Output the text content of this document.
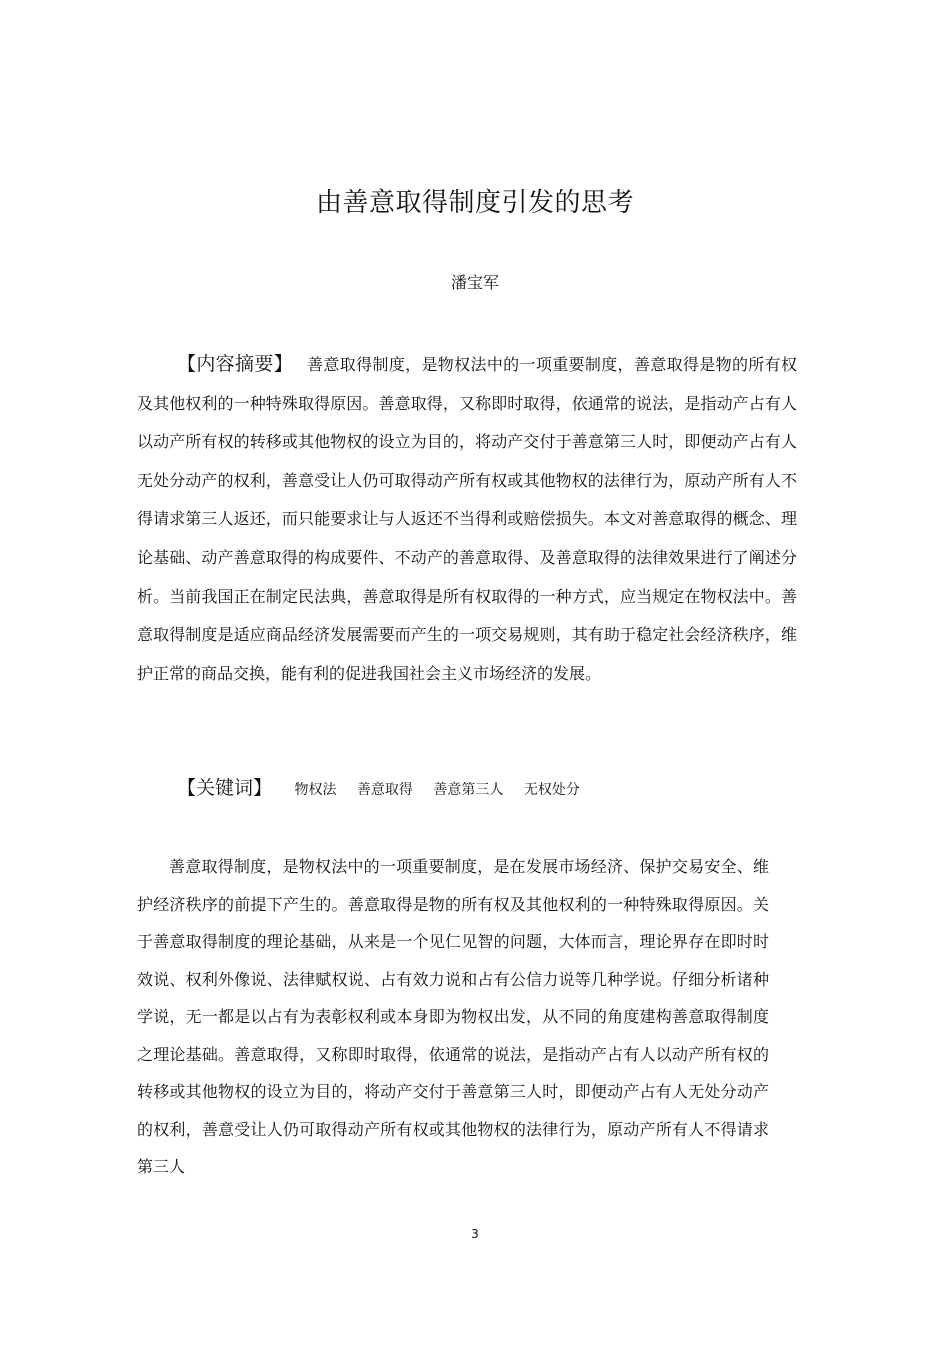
由善意取得制度引发的思考
潘宝军

【内容摘要】 善意取得制度，是物权法中的一项重要制度，善意取得是物的所有权及其他权利的一种特殊取得原因。善意取得，又称即时取得，依通常的说法，是指动产占有人以动产所有权的转移或其他物权的设立为目的，将动产交付于善意第三人时，即便动产占有人无处分动产的权利，善意受让人仍可取得动产所有权或其他物权的法律行为，原动产所有人不得请求第三人返还，而只能要求让与人返还不当得利或赔偿损失。本文对善意取得的概念、理论基础、动产善意取得的构成要件、不动产的善意取得、及善意取得的法律效果进行了阐述分析。当前我国正在制定民法典，善意取得是所有权取得的一种方式，应当规定在物权法中。善意取得制度是适应商品经济发展需要而产生的一项交易规则，其有助于稳定社会经济秩序，维护正常的商品交换，能有利的促进我国社会主义市场经济的发展。

【关键词】 物权法 善意取得 善意第三人 无权处分

善意取得制度，是物权法中的一项重要制度，是在发展市场经济、保护交易安全、维护经济秩序的前提下产生的。善意取得是物的所有权及其他权利的一种特殊取得原因。关于善意取得制度的理论基础，从来是一个见仁见智的问题，大体而言，理论界存在即时时效说、权利外像说、法律赋权说、占有效力说和占有公信力说等几种学说。仔细分析诸种学说，无一都是以占有为表彰权利或本身即为物权出发，从不同的角度建构善意取得制度之理论基础。善意取得，又称即时取得，依通常的说法，是指动产占有人以动产所有权的转移或其他物权的设立为目的，将动产交付于善意第三人时，即便动产占有人无处分动产的权利，善意受让人仍可取得动产所有权或其他物权的法律行为，原动产所有人不得请求第三人

3
